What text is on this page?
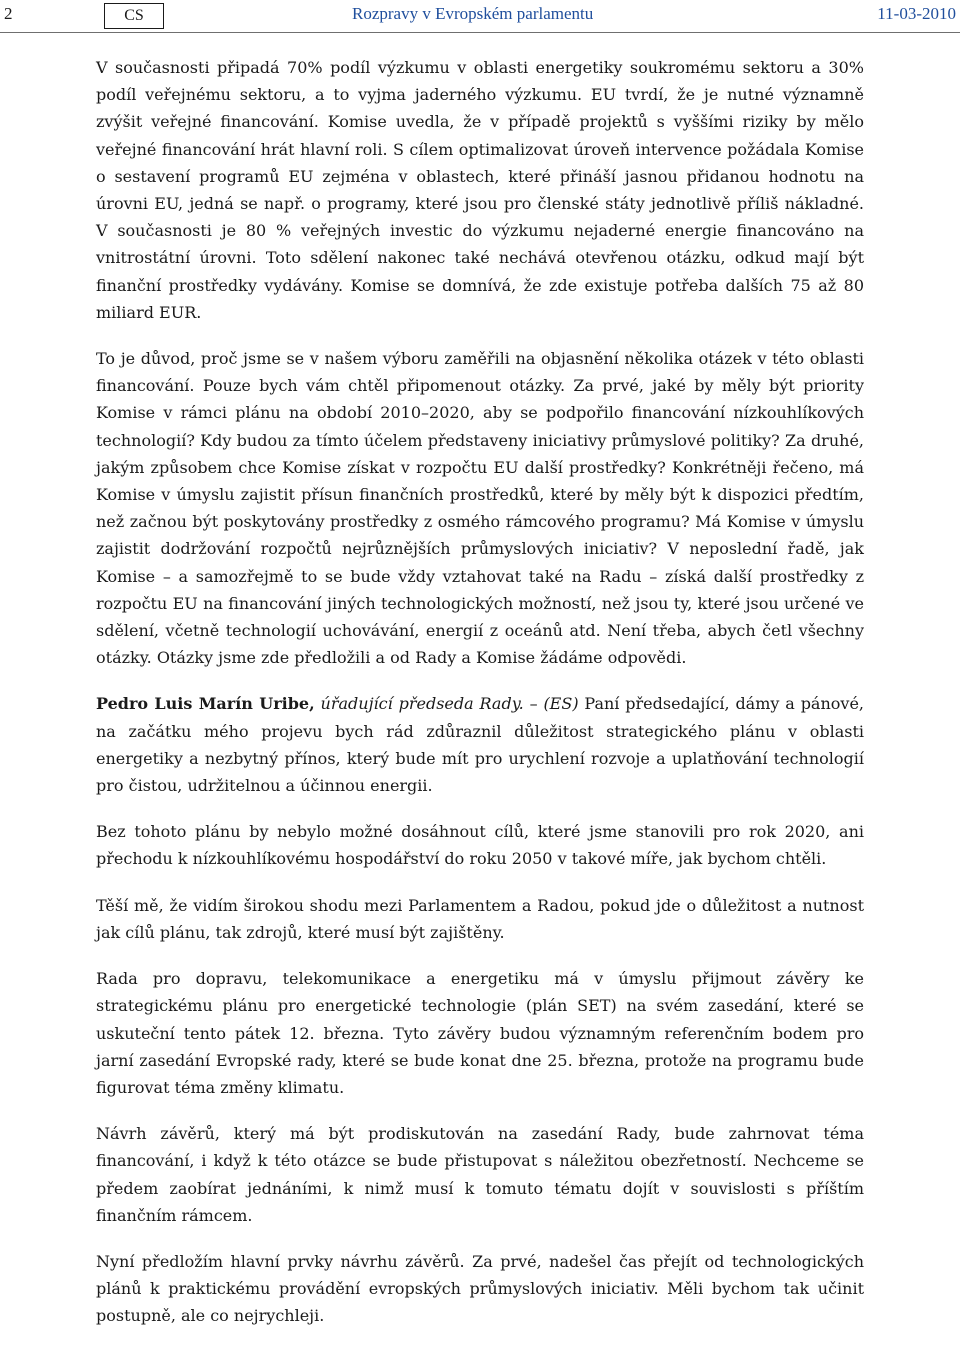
2	CS	Rozpravy v Evropském parlamentu	11-03-2010

V současnosti připadá 70% podíl výzkumu v oblasti energetiky soukromému sektoru a 30% podíl veřejnému sektoru, a to vyjma jaderného výzkumu. EU tvrdí, že je nutné významně zvýšit veřejné financování. Komise uvedla, že v případě projektů s vyššími riziky by mělo veřejné financování hrát hlavní roli. S cílem optimalizovat úroveň intervence požádala Komise o sestavení programů EU zejména v oblastech, které přináší jasnou přidanou hodnotu na úrovni EU, jedná se např. o programy, které jsou pro členské státy jednotlivě příliš nákladné. V současnosti je 80 % veřejných investic do výzkumu nejaderné energie financováno na vnitrostátní úrovni. Toto sdělení nakonec také nechává otevřenou otázku, odkud mají být finanční prostředky vydávány. Komise se domnívá, že zde existuje potřeba dalších 75 až 80 miliard EUR.

To je důvod, proč jsme se v našem výboru zaměřili na objasnění několika otázek v této oblasti financování. Pouze bych vám chtěl připomenout otázky. Za prvé, jaké by měly být priority Komise v rámci plánu na období 2010–2020, aby se podpořilo financování nízkouhlíkových technologií? Kdy budou za tímto účelem představeny iniciativy průmyslové politiky? Za druhé, jakým způsobem chce Komise získat v rozpočtu EU další prostředky? Konkrétněji řečeno, má Komise v úmyslu zajistit přísun finančních prostředků, které by měly být k dispozici předtím, než začnou být poskytovány prostředky z osmého rámcového programu? Má Komise v úmyslu zajistit dodržování rozpočtů nejrůznějších průmyslových iniciativ? V neposlední řadě, jak Komise – a samozřejmě to se bude vždy vztahovat také na Radu – získá další prostředky z rozpočtu EU na financování jiných technologických možností, než jsou ty, které jsou určené ve sdělení, včetně technologií uchovávání, energií z oceánů atd. Není třeba, abych četl všechny otázky. Otázky jsme zde předložili a od Rady a Komise žádáme odpovědi.

Pedro Luis Marín Uribe, úřadující předseda Rady. – (ES) Paní předsedající, dámy a pánové, na začátku mého projevu bych rád zdůraznil důležitost strategického plánu v oblasti energetiky a nezbytný přínos, který bude mít pro urychlení rozvoje a uplatňování technologií pro čistou, udržitelnou a účinnou energii.

Bez tohoto plánu by nebylo možné dosáhnout cílů, které jsme stanovili pro rok 2020, ani přechodu k nízkouhlíkovému hospodářství do roku 2050 v takové míře, jak bychom chtěli.

Těší mě, že vidím širokou shodu mezi Parlamentem a Radou, pokud jde o důležitost a nutnost jak cílů plánu, tak zdrojů, které musí být zajištěny.

Rada pro dopravu, telekomunikace a energetiku má v úmyslu přijmout závěry ke strategickému plánu pro energetické technologie (plán SET) na svém zasedání, které se uskuteční tento pátek 12. března. Tyto závěry budou významným referenčním bodem pro jarní zasedání Evropské rady, které se bude konat dne 25. března, protože na programu bude figurovat téma změny klimatu.

Návrh závěrů, který má být prodiskutován na zasedání Rady, bude zahrnovat téma financování, i když k této otázce se bude přistupovat s náležitou obezřetností. Nechceme se předem zaobírat jednáními, k nimž musí k tomuto tématu dojít v souvislosti s příštím finančním rámcem.

Nyní předložím hlavní prvky návrhu závěrů. Za prvé, nadešel čas přejít od technologických plánů k praktickému provádění evropských průmyslových iniciativ. Měli bychom tak učinit postupně, ale co nejrychleji.
